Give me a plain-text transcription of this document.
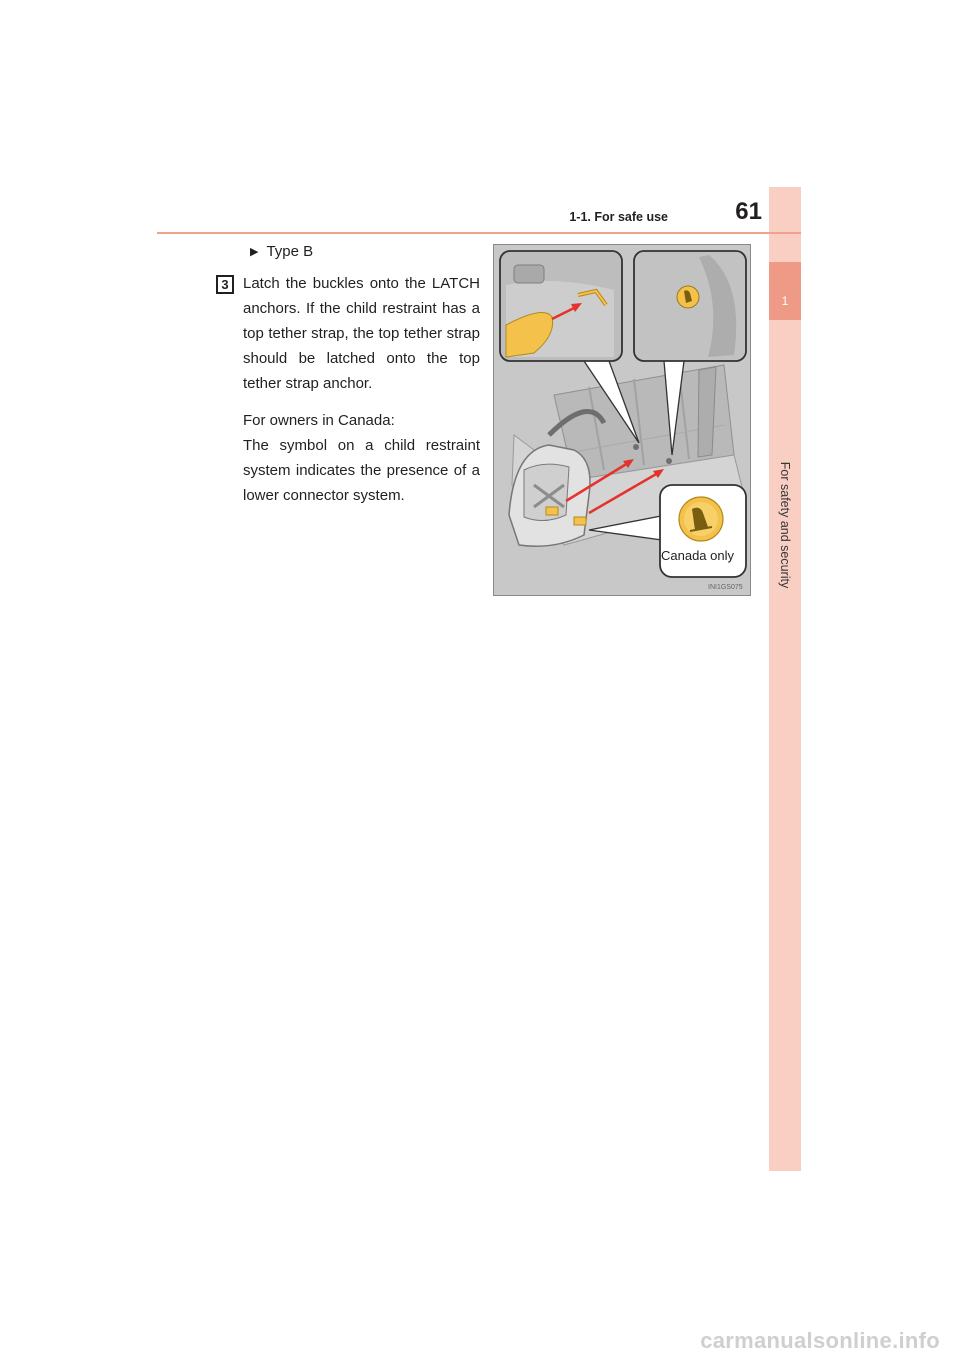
1
For safety and security
1-1. For safe use	61
▶ Type B
3 Latch the buckles onto the LATCH anchors. If the child restraint has a top tether strap, the top tether strap should be latched onto the top tether strap anchor.

For owners in Canada:

The symbol on a child restraint system indicates the presence of a lower connector system.

Canada only
INI1GS075
carmanualsonline.info
